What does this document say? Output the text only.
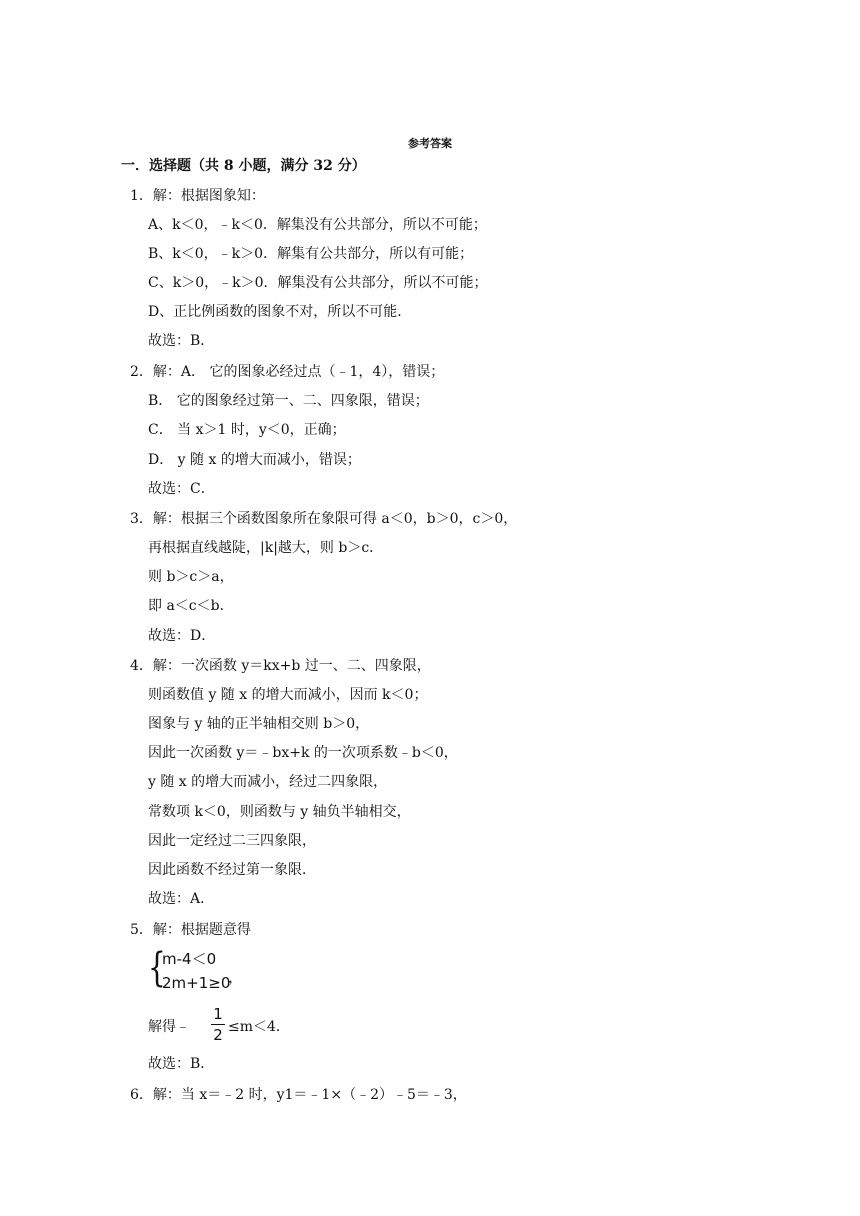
参考答案
一．选择题（共 8 小题，满分 32 分）
1．解：根据图象知：
A、k＜0，﹣k＜0．解集没有公共部分，所以不可能；
B、k＜0，﹣k＞0．解集有公共部分，所以有可能；
C、k＞0，﹣k＞0．解集没有公共部分，所以不可能；
D、正比例函数的图象不对，所以不可能．
故选：B．
2．解：A． 它的图象必经过点（﹣1，4），错误；
B． 它的图象经过第一、二、四象限，错误；
C． 当 x＞1 时，y＜0，正确；
D． y 随 x 的增大而减小，错误；
故选：C．
3．解：根据三个函数图象所在象限可得 a＜0，b＞0，c＞0，
再根据直线越陡，|k|越大，则 b＞c．
则 b＞c＞a，
即 a＜c＜b．
故选：D．
4．解：一次函数 y＝kx+b 过一、二、四象限，
则函数值 y 随 x 的增大而减小，因而 k＜0；
图象与 y 轴的正半轴相交则 b＞0，
因此一次函数 y＝﹣bx+k 的一次项系数﹣b＜0，
y 随 x 的增大而减小，经过二四象限，
常数项 k＜0，则函数与 y 轴负半轴相交，
因此一定经过二三四象限，
因此函数不经过第一象限．
故选：A．
5．解：根据题意得
{
m-4＜0
2m+1≥0
，
解得﹣
1
2 ≤m＜4．
故选：B．
6．解：当 x＝﹣2 时，y1＝﹣1×（﹣2）﹣5＝﹣3，
